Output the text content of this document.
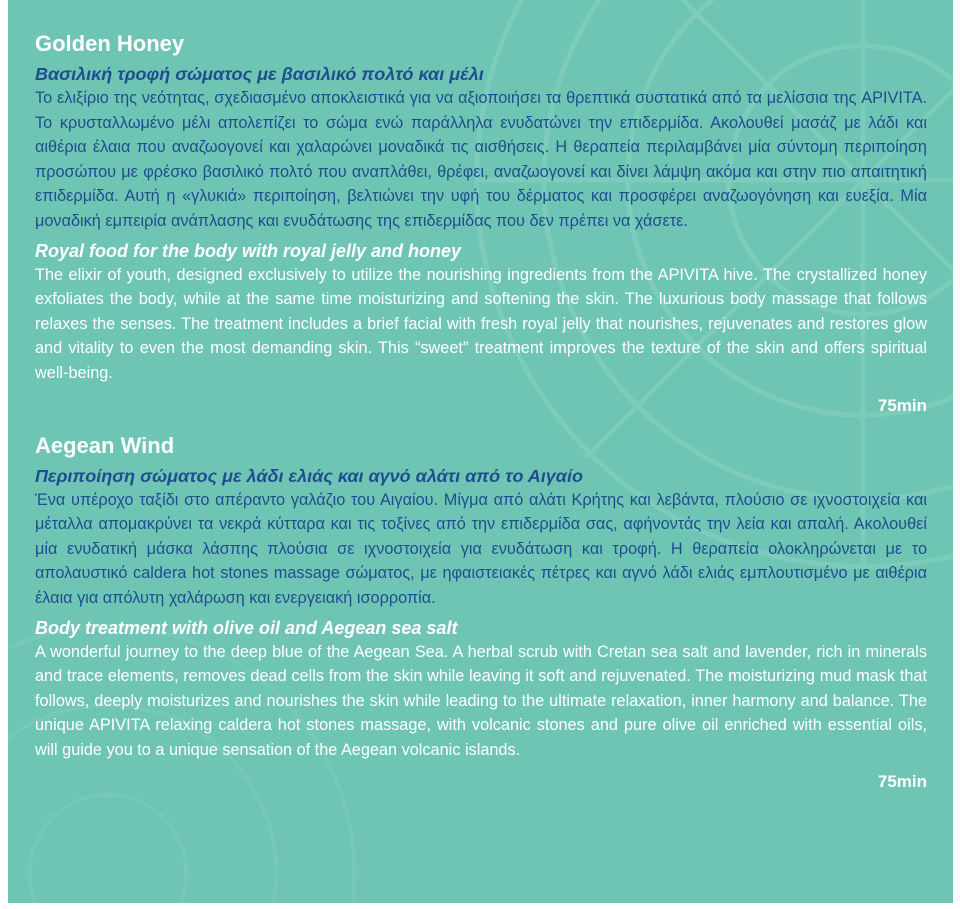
Golden Honey
Βασιλική τροφή σώματος με βασιλικό πολτό και μέλι

Το ελιξίριο της νεότητας, σχεδιασμένο αποκλειστικά για να αξιοποιήσει τα θρεπτικά συστατικά από τα μελίσσια της APIVITA. Το κρυσταλλωμένο μέλι απολεπίζει το σώμα ενώ παράλληλα ενυδατώνει την επιδερμίδα. Ακολουθεί μασάζ με λάδι και αιθέρια έλαια που αναζωογονεί και χαλαρώνει μοναδικά τις αισθήσεις. Η θεραπεία περιλαμβάνει μία σύντομη περιποίηση προσώπου με φρέσκο βασιλικό πολτό που αναπλάθει, θρέφει, αναζωογονεί και δίνει λάμψη ακόμα και στην πιο απαιτητική επιδερμίδα. Αυτή η «γλυκιά» περιποίηση, βελτιώνει την υφή του δέρματος και προσφέρει αναζωογόνηση και ευεξία. Μία μοναδική εμπειρία ανάπλασης και ενυδάτωσης της επιδερμίδας που δεν πρέπει να χάσετε.

Royal food for the body with royal jelly and honey

The elixir of youth, designed exclusively to utilize the nourishing ingredients from the APIVITA hive. The crystallized honey exfoliates the body, while at the same time moisturizing and softening the skin. The luxurious body massage that follows relaxes the senses. The treatment includes a brief facial with fresh royal jelly that nourishes, rejuvenates and restores glow and vitality to even the most demanding skin. This “sweet” treatment improves the texture of the skin and offers spiritual well-being.

75min
Aegean Wind
Περιποίηση σώματος με λάδι ελιάς και αγνό αλάτι από το Αιγαίο

Ένα υπέροχο ταξίδι στο απέραντο γαλάζιο του Αιγαίου. Μίγμα από αλάτι Κρήτης και λεβάντα, πλούσιο σε ιχνοστοιχεία και μέταλλα απομακρύνει τα νεκρά κύτταρα και τις τοξίνες από την επιδερμίδα σας, αφήνοντάς την λεία και απαλή. Ακολουθεί μία ενυδατική μάσκα λάσπης πλούσια σε ιχνοστοιχεία για ενυδάτωση και τροφή. Η θεραπεία ολοκληρώνεται με το απολαυστικό caldera hot stones massage σώματος, με ηφαιστειακές πέτρες και αγνό λάδι ελιάς εμπλουτισμένο με αιθέρια έλαια για απόλυτη χαλάρωση και ενεργειακή ισορροπία.

Body treatment with olive oil and Aegean sea salt

A wonderful journey to the deep blue of the Aegean Sea. A herbal scrub with Cretan sea salt and lavender, rich in minerals and trace elements, removes dead cells from the skin while leaving it soft and rejuvenated. The moisturizing mud mask that follows, deeply moisturizes and nourishes the skin while leading to the ultimate relaxation, inner harmony and balance. The unique APIVITA relaxing caldera hot stones massage, with volcanic stones and pure olive oil enriched with essential oils, will guide you to a unique sensation of the Aegean volcanic islands.

75min
